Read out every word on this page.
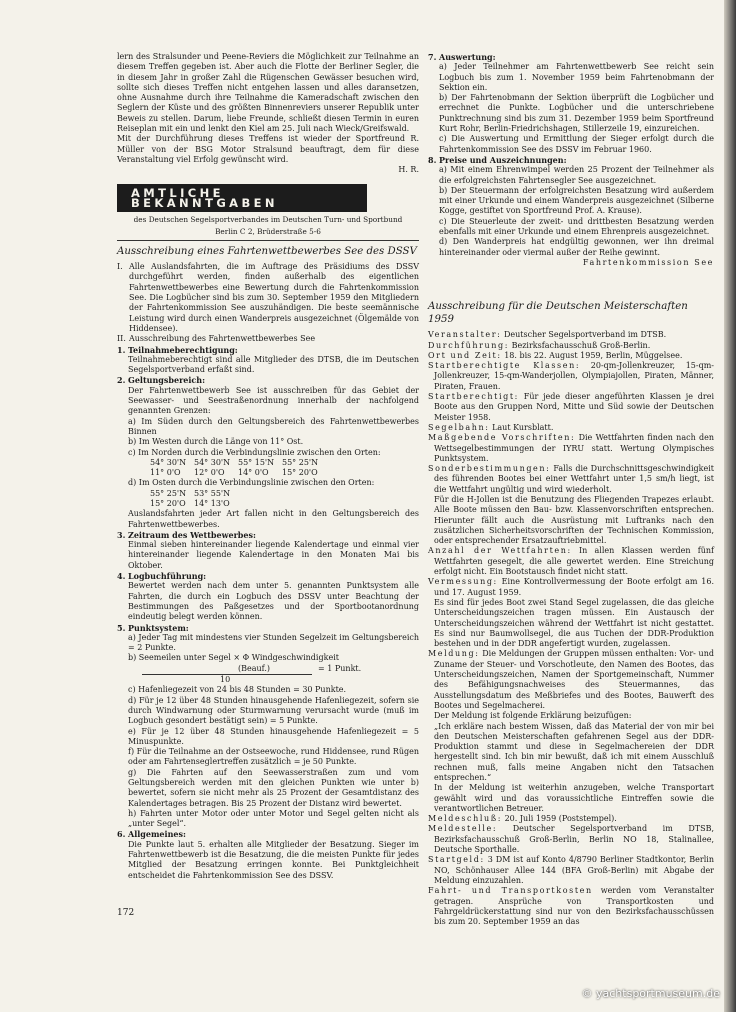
lern des Stralsunder und Peene-Reviers die Möglichkeit zur Teilnahme an diesem Treffen gegeben ist. Aber auch die Flotte der Berliner Segler, die in diesem Jahr in großer Zahl die Rügenschen Gewässer besuchen wird, sollte sich dieses Treffen nicht entgehen lassen und alles daransetzen, ohne Ausnahme durch ihre Teilnahme die Kameradschaft zwischen den Seglern der Küste und des größten Binnenreviers unserer Republik unter Beweis zu stellen. Darum, liebe Freunde, schließt diesen Termin in euren Reiseplan mit ein und lenkt den Kiel am 25. Juli nach Wieck/Greifswald.

Mit der Durchführung dieses Treffens ist wieder der Sportfreund R. Müller von der BSG Motor Stralsund beauftragt, dem für diese Veranstaltung viel Erfolg gewünscht wird.

H. R.

AMTLICHE BEKANNTGABEN

des Deutschen Segelsportverbandes im Deutschen Turn- und Sportbund

Berlin C 2, Brüderstraße 5-6

Ausschreibung eines Fahrtenwettbewerbes See des DSSV

I. Alle Auslandsfahrten, die im Auftrage des Präsidiums des DSSV durchgeführt werden, finden außerhalb des eigentlichen Fahrtenwettbewerbes eine Bewertung durch die Fahrtenkommission See. Die Logbücher sind bis zum 30. September 1959 den Mitgliedern der Fahrtenkommission See auszuhändigen. Die beste seemännische Leistung wird durch einen Wanderpreis ausgezeichnet (Ölgemälde von Hiddensee).

II. Ausschreibung des Fahrtenwettbewerbes See

1. Teilnahmeberechtigung:

Teilnahmeberechtigt sind alle Mitglieder des DTSB, die im Deutschen Segelsportverband erfaßt sind.

2. Geltungsbereich:

Der Fahrtenwettbewerb See ist ausschreiben für das Gebiet der Seewasser- und Seestraßenordnung innerhalb der nachfolgend genannten Grenzen:

a) Im Süden durch den Geltungsbereich des Fahrtenwettbewerbes Binnen

b) Im Westen durch die Länge von 11° Ost.

c) Im Norden durch die Verbindungslinie zwischen den Orten:

54° 30'N 54° 30'N 55° 15'N 55° 25'N
11° 0'O	12° 0'O	14° 0'O	15° 20'O

d) Im Osten durch die Verbindungslinie zwischen den Orten:

55° 25'N 53° 55'N
15° 20'O	14° 13'O

Auslandsfahrten jeder Art fallen nicht in den Geltungsbereich des Fahrtenwettbewerbes.

3. Zeitraum des Wettbewerbes:

Einmal sieben hintereinander liegende Kalendertage und einmal vier hintereinander liegende Kalendertage in den Monaten Mai bis Oktober.

4. Logbuchführung:

Bewertet werden nach dem unter 5. genannten Punktsystem alle Fahrten, die durch ein Logbuch des DSSV unter Beachtung der Bestimmungen des Paßgesetzes und der Sportbootanordnung eindeutig belegt werden können.

5. Punktsystem:

a) Jeder Tag mit mindestens vier Stunden Segelzeit im Geltungsbereich = 2 Punkte.

b) Seemeilen unter Segel × Φ Windgeschwindigkeit

(Beauf.)	= 1 Punkt.

10

c) Hafenliegezeit von 24 bis 48 Stunden = 30 Punkte.

d) Für je 12 über 48 Stunden hinausgehende Hafenliegezeit, sofern sie durch Windwarnung oder Sturmwarnung verursacht wurde (muß im Logbuch gesondert bestätigt sein) = 5 Punkte.

e) Für je 12 über 48 Stunden hinausgehende Hafenliegezeit = 5 Minuspunkte.

f) Für die Teilnahme an der Ostseewoche, rund Hiddensee, rund Rügen oder am Fahrtenseglertreffen zusätzlich = je 50 Punkte.

g) Die Fahrten auf den Seewasserstraßen zum und vom Geltungsbereich werden mit den gleichen Punkten wie unter b) bewertet, sofern sie nicht mehr als 25 Prozent der Gesamtdistanz des Kalendertages betragen. Bis 25 Prozent der Distanz wird bewertet.

h) Fahrten unter Motor oder unter Motor und Segel gelten nicht als „unter Segel“.

6. Allgemeines:

Die Punkte laut 5. erhalten alle Mitglieder der Besatzung. Sieger im Fahrtenwettbewerb ist die Besatzung, die die meisten Punkte für jedes Mitglied der Besatzung erringen konnte. Bei Punktgleichheit entscheidet die Fahrtenkommission See des DSSV.

7. Auswertung:

a) Jeder Teilnehmer am Fahrtenwettbewerb See reicht sein Logbuch bis zum 1. November 1959 beim Fahrtenobmann der Sektion ein.

b) Der Fahrtenobmann der Sektion überprüft die Logbücher und errechnet die Punkte. Logbücher und die unterschriebene Punktrechnung sind bis zum 31. Dezember 1959 beim Sportfreund Kurt Rohr, Berlin-Friedrichshagen, Stillerzeile 19, einzureichen.

c) Die Auswertung und Ermittlung der Sieger erfolgt durch die Fahrtenkommission See des DSSV im Februar 1960.

8. Preise und Auszeichnungen:

a) Mit einem Ehrenwimpel werden 25 Prozent der Teilnehmer als die erfolgreichsten Fahrtensegler See ausgezeichnet.

b) Der Steuermann der erfolgreichsten Besatzung wird außerdem mit einer Urkunde und einem Wanderpreis ausgezeichnet (Silberne Kogge, gestiftet von Sportfreund Prof. A. Krause).

c) Die Steuerleute der zweit- und drittbesten Besatzung werden ebenfalls mit einer Urkunde und einem Ehrenpreis ausgezeichnet.

d) Den Wanderpreis hat endgültig gewonnen, wer ihn dreimal hintereinander oder viermal außer der Reihe gewinnt.

Fahrtenkommission See

Ausschreibung für die Deutschen Meisterschaften 1959

Veranstalter: Deutscher Segelsportverband im DTSB.

Durchführung: Bezirksfachausschuß Groß-Berlin.

Ort und Zeit: 18. bis 22. August 1959, Berlin, Müggelsee.

Startberechtigte Klassen: 20-qm-Jollenkreuzer, 15-qm-Jollenkreuzer, 15-qm-Wanderjollen, Olympiajollen, Piraten, Männer, Piraten, Frauen.

Startberechtigt: Für jede dieser angeführten Klassen je drei Boote aus den Gruppen Nord, Mitte und Süd sowie der Deutschen Meister 1958.

Segelbahn: Laut Kursblatt.

Maßgebende Vorschriften: Die Wettfahrten finden nach den Wettsegelbestimmungen der IYRU statt. Wertung Olympisches Punktsystem.

Sonderbestimmungen: Falls die Durchschnittsgeschwindigkeit des führenden Bootes bei einer Wettfahrt unter 1,5 sm/h liegt, ist die Wettfahrt ungültig und wird wiederholt.

Für die H-Jollen ist die Benutzung des Fliegenden Trapezes erlaubt. Alle Boote müssen den Bau- bzw. Klassenvorschriften entsprechen. Hierunter fällt auch die Ausrüstung mit Luftranks nach den zusätzlichen Sicherheitsvorschriften der Technischen Kommission, oder entsprechender Ersatzauftriebmittel.

Anzahl der Wettfahrten: In allen Klassen werden fünf Wettfahrten gesegelt, die alle gewertet werden. Eine Streichung erfolgt nicht. Ein Bootstausch findet nicht statt.

Vermessung: Eine Kontrollvermessung der Boote erfolgt am 16. und 17. August 1959.

Es sind für jedes Boot zwei Stand Segel zugelassen, die das gleiche Unterscheidungszeichen tragen müssen. Ein Austausch der Unterscheidungszeichen während der Wettfahrt ist nicht gestattet. Es sind nur Baumwollsegel, die aus Tuchen der DDR-Produktion bestehen und in der DDR angefertigt wurden, zugelassen.

Meldung: Die Meldungen der Gruppen müssen enthalten: Vor- und Zuname der Steuer- und Vorschotleute, den Namen des Bootes, das Unterscheidungszeichen, Namen der Sportgemeinschaft, Nummer des Befähigungsnachweises des Steuermannes, das Ausstellungsdatum des Meßbriefes und des Bootes, Bauwerft des Bootes und Segelmacherei.

Der Meldung ist folgende Erklärung beizufügen:

„Ich erkläre nach bestem Wissen, daß das Material der von mir bei den Deutschen Meisterschaften gefahrenen Segel aus der DDR-Produktion stammt und diese in Segelmachereien der DDR hergestellt sind. Ich bin mir bewußt, daß ich mit einem Ausschluß rechnen muß, falls meine Angaben nicht den Tatsachen entsprechen.“

In der Meldung ist weiterhin anzugeben, welche Transportart gewählt wird und das voraussichtliche Eintreffen sowie die verantwortlichen Betreuer.

Meldeschluß: 20. Juli 1959 (Poststempel).

Meldestelle: Deutscher Segelsportverband im DTSB, Bezirksfachausschuß Groß-Berlin, Berlin NO 18, Stalinallee, Deutsche Sporthalle.

Startgeld: 3 DM ist auf Konto 4/8790 Berliner Stadtkontor, Berlin NO, Schönhauser Allee 144 (BFA Groß-Berlin) mit Abgabe der Meldung einzuzahlen.

Fahrt- und Transportkosten werden vom Veranstalter getragen. Ansprüche von Transportkosten und Fahrgeldrückerstattung sind nur von den Bezirksfachausschüssen bis zum 20. September 1959 an das

172
© yachtsportmuseum.de
